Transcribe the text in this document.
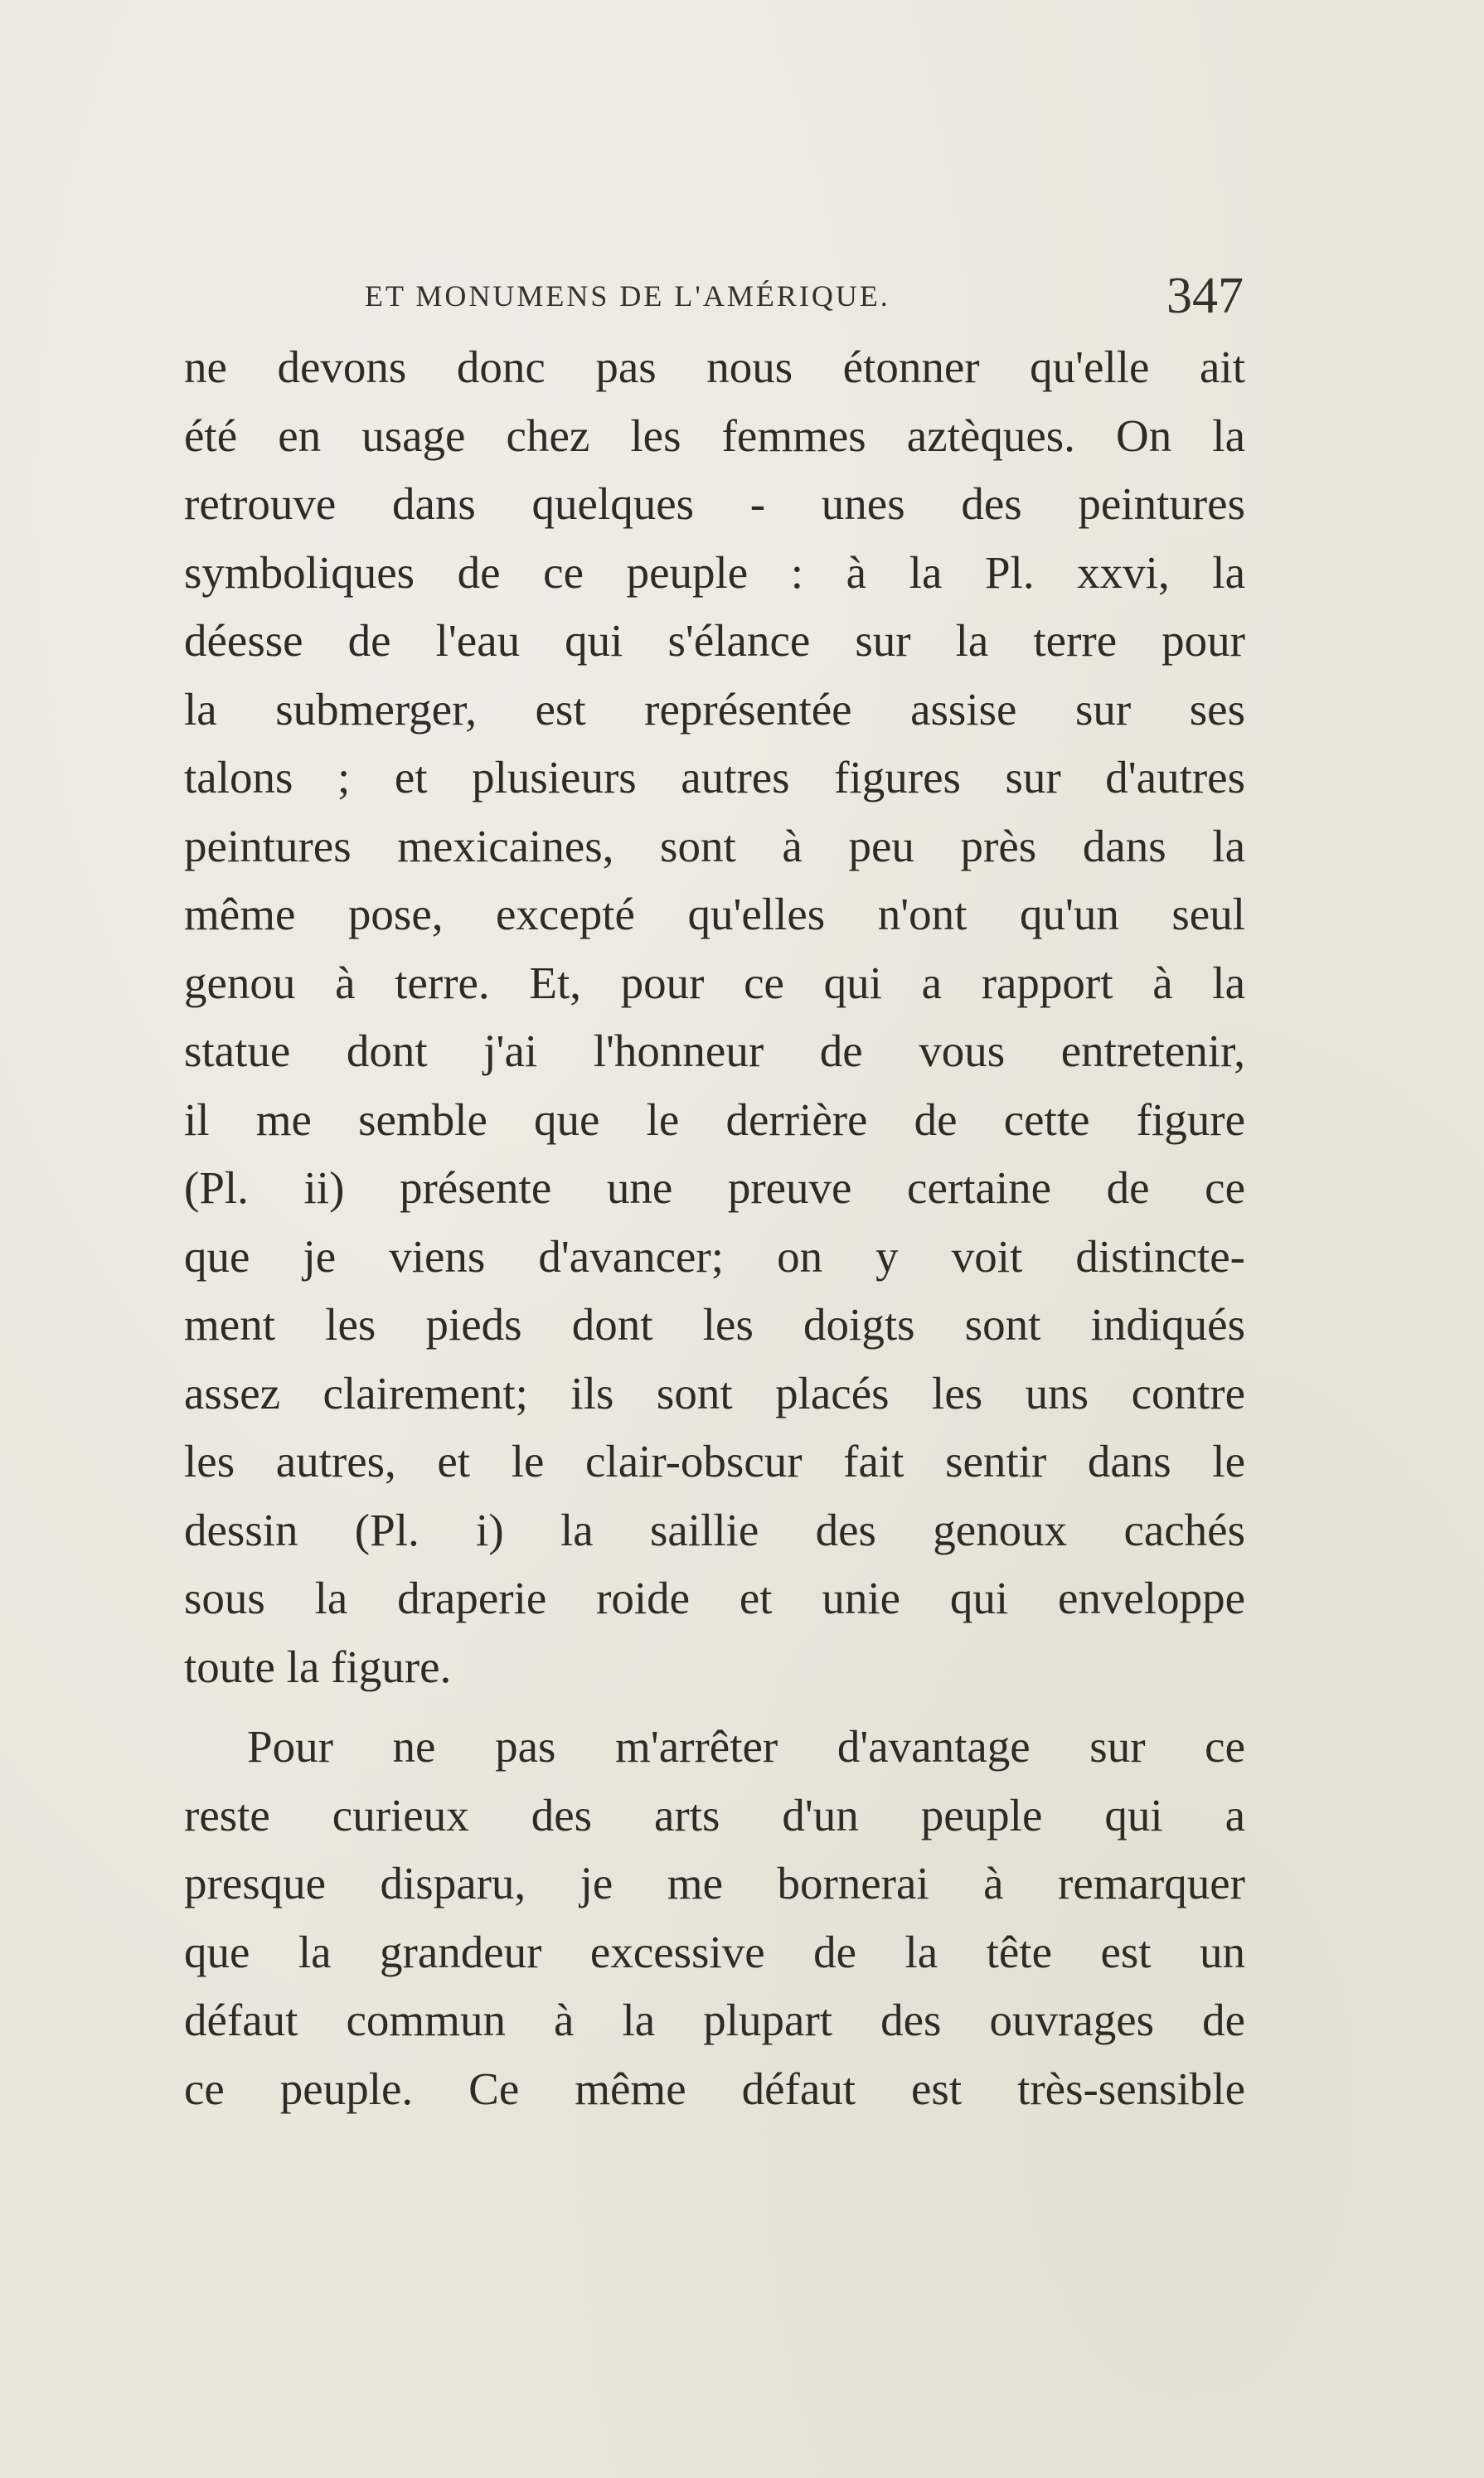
ET MONUMENS DE L'AMÉRIQUE.	347
ne devons donc pas nous étonner qu'elle ait
été en usage chez les femmes aztèques. On la
retrouve dans quelques - unes des peintures
symboliques de ce peuple : à la Pl. xxvi, la
déesse de l'eau qui s'élance sur la terre pour
la submerger, est représentée assise sur ses
talons ; et plusieurs autres figures sur d'autres
peintures mexicaines, sont à peu près dans la
même pose, excepté qu'elles n'ont qu'un seul
genou à terre. Et, pour ce qui a rapport à la
statue dont j'ai l'honneur de vous entretenir,
il me semble que le derrière de cette figure
(Pl. ii) présente une preuve certaine de ce
que je viens d'avancer; on y voit distincte-
ment les pieds dont les doigts sont indiqués
assez clairement; ils sont placés les uns contre
les autres, et le clair-obscur fait sentir dans le
dessin (Pl. i) la saillie des genoux cachés
sous la draperie roide et unie qui enveloppe
toute la figure.
Pour ne pas m'arrêter d'avantage sur ce
reste curieux des arts d'un peuple qui a
presque disparu, je me bornerai à remarquer
que la grandeur excessive de la tête est un
défaut commun à la plupart des ouvrages de
ce peuple. Ce même défaut est très-sensible
